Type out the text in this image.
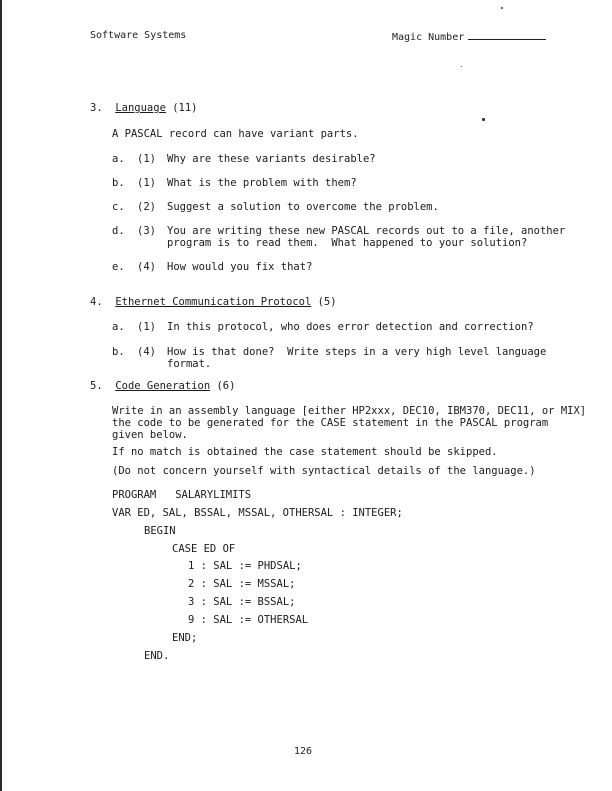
Software Systems	Magic Number
3. Language (11)
A PASCAL record can have variant parts.
a. (1) Why are these variants desirable?
b. (1) What is the problem with them?
c. (2) Suggest a solution to overcome the problem.
d. (3) You are writing these new PASCAL records out to a file, another
program is to read them.  What happened to your solution?
e. (4) How would you fix that?
4. Ethernet Communication Protocol (5)
a. (1) In this protocol, who does error detection and correction?
b. (4) How is that done?  Write steps in a very high level language
format.
5. Code Generation (6)
Write in an assembly language [either HP2xxx, DEC10, IBM370, DEC11, or MIX]
the code to be generated for the CASE statement in the PASCAL program
given below.
If no match is obtained the case statement should be skipped.
(Do not concern yourself with syntactical details of the language.)
PROGRAM   SALARYLIMITS
VAR ED, SAL, BSSAL, MSSAL, OTHERSAL : INTEGER;
BEGIN
CASE ED OF
1 : SAL := PHDSAL;
2 : SAL := MSSAL;
3 : SAL := BSSAL;
9 : SAL := OTHERSAL
END;
END.
126
